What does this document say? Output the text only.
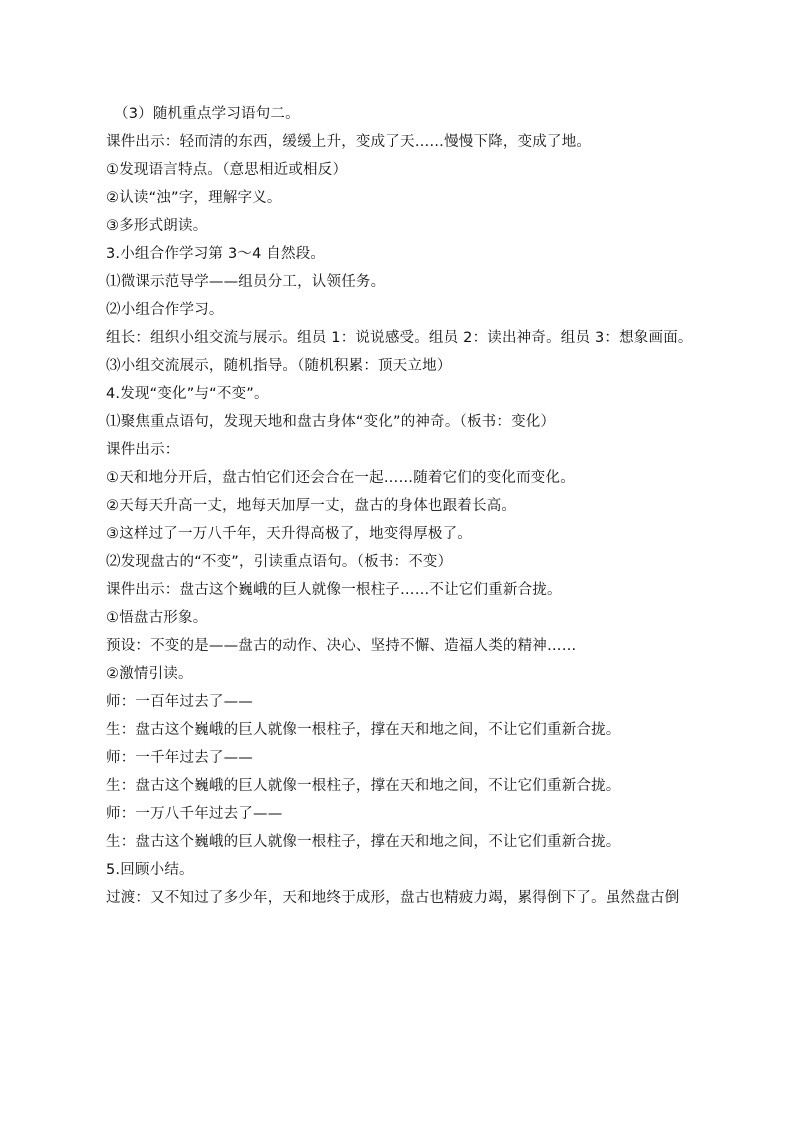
（3）随机重点学习语句二。
课件出示：轻而清的东西，缓缓上升，变成了天……慢慢下降，变成了地。
①发现语言特点。（意思相近或相反）
②认读“浊”字，理解字义。
③多形式朗读。
3.小组合作学习第 3～4 自然段。
⑴微课示范导学——组员分工，认领任务。
⑵小组合作学习。
组长：组织小组交流与展示。组员 1：说说感受。组员 2：读出神奇。组员 3：想象画面。
⑶小组交流展示，随机指导。（随机积累：顶天立地）
4.发现“变化”与“不变”。
⑴聚焦重点语句，发现天地和盘古身体“变化”的神奇。（板书：变化）
课件出示：
①天和地分开后，盘古怕它们还会合在一起……随着它们的变化而变化。
②天每天升高一丈，地每天加厚一丈，盘古的身体也跟着长高。
③这样过了一万八千年，天升得高极了，地变得厚极了。
⑵发现盘古的“不变”，引读重点语句。（板书：不变）
课件出示：盘古这个巍峨的巨人就像一根柱子……不让它们重新合拢。
①悟盘古形象。
预设：不变的是——盘古的动作、决心、坚持不懈、造福人类的精神……
②激情引读。
师：一百年过去了——
生：盘古这个巍峨的巨人就像一根柱子，撑在天和地之间，不让它们重新合拢。
师：一千年过去了——
生：盘古这个巍峨的巨人就像一根柱子，撑在天和地之间，不让它们重新合拢。
师：一万八千年过去了——
生：盘古这个巍峨的巨人就像一根柱子，撑在天和地之间，不让它们重新合拢。
5.回顾小结。
过渡：又不知过了多少年，天和地终于成形，盘古也精疲力竭，累得倒下了。虽然盘古倒
